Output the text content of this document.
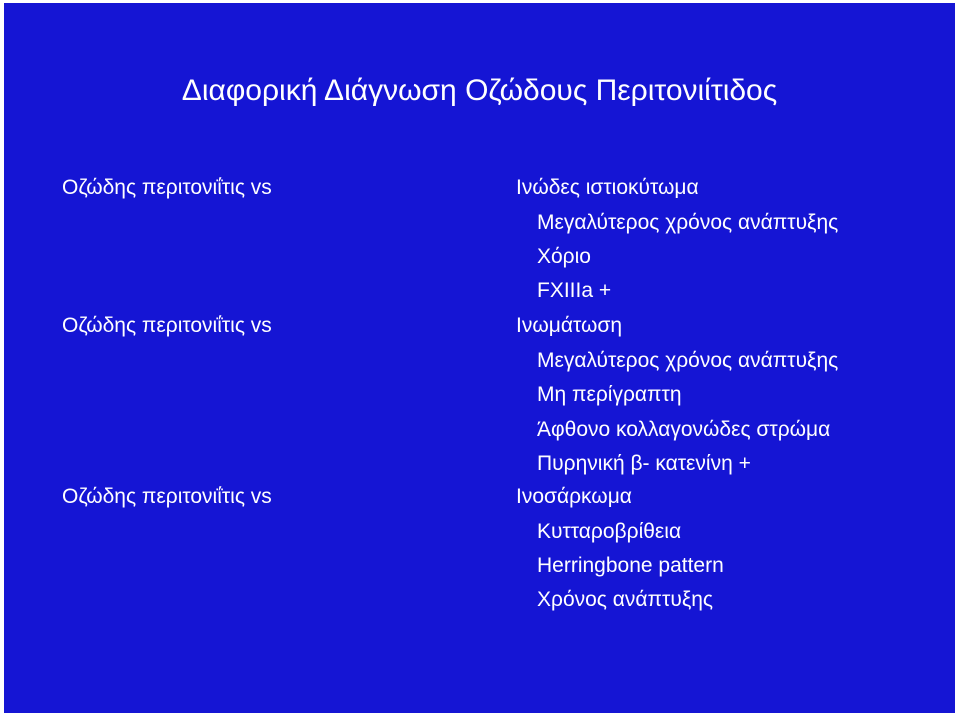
Διαφορική Διάγνωση Οζώδους Περιτονιίτιδος
Οζώδης περιτονιΐτις vs	Ινώδες ιστιοκύτωμα
Μεγαλύτερος χρόνος ανάπτυξης
Χόριο
FXIIIa +
Οζώδης περιτονιΐτις vs	Ινωμάτωση
Μεγαλύτερος χρόνος ανάπτυξης
Μη περίγραπτη
Άφθονο κολλαγονώδες στρώμα
Πυρηνική β- κατενίνη +
Οζώδης περιτονιΐτις vs	Ινοσάρκωμα
Κυτταροβρίθεια
Herringbone pattern
Χρόνος ανάπτυξης
